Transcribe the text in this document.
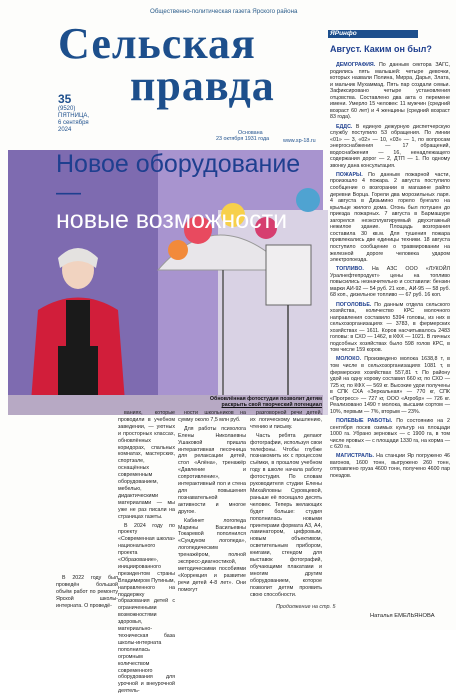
Общественно-политическая газета Ярского района
Сельская
правда
35
(9520)
ПЯТНИЦА,
6 сентября
2024	Основана
23 октября 1931 года	www.sp-18.ru
Новое оборудование —
новые возможности
Обновлённая фотостудия позволит детям
раскрыть свой творческий потенциал

В 2022 году был проведён большой объём работ по ремонту Ярской школы-интерната. О проведё-

ваниях, которые проводили в учебном заведении, — уютных и просторных классах, обновлённых коридорах, спальных комнатах, мастерских, спортзале, оснащённых современным оборудованием, мебелью, дидактическими материалами — мы уже не раз писали на страницах газеты.

В 2024 году по проекту «Современная школа» национального проекта «Образование», инициированного президентом страны Владимиром Путиным, направленного на поддержку образования детей с ограниченными возможностями здоровья, материально-техническая база школы-интерната пополнилась огромным количеством современного оборудования для урочной и внеурочной деятель-

ности школьников на сумму около 7,5 млн руб.

Для работы психолога Елены Николаевны Ушаковой пришла интерактивная песочница для релаксации детей, стол «Алёна», тренажёр «Давление и сопротивление», интерактивный пол и стена для повышения познавательной активности и многое другое.

Кабинет логопеда Марины Васильевны Токаревой пополнился «Сундуком логопеда», логопедическим тренажёром, полной экспресс-диагностикой, методическими пособиями «Коррекция и развитие речи детей 4-8 лет». Они помогут

разговорной речи детей, их логическому мышлению, чтению и письму.

Часть ребята делают фотографии, используя свои телефоны. Чтобы глубже познакомить их с процессом съёмки, в прошлом учебном году в школе начала работу фотостудия. По словам руководителя студии Елены Михайловны Суровцевой, раньше её посещало десять человек. Теперь желающих будет больше: студия пополнилась новыми принтерами формата А3, А4, ламинатором, цифровым, новым объективом, осветительным прибором, книгами, стендом для выставок фотографий, обучающими плакатами и многим другим оборудованием, которое позволит детям проявить свою способности.

Продолжение на стр. 5
ЯРинфо
Август. Каким он был?

ДЕМОГРАФИЯ. По данным сектора ЗАГС, родились пять малышей: четыре девочки, которых назвали Полина, Мирра, Дарья, Злата, и мальчик Мухаммад. Пять пар создали семьи. Зафиксировано четыре установления отцовства. Составлено два акта о перемене имени. Умерло 15 человек: 11 мужчин (средний возраст 60 лет) и 4 женщины (средний возраст 83 года).

ЕДДС. В единую дежурную диспетчерскую службу поступило 53 обращения. По линии «01» — 3, «02» — 10, «03» — 1, по вопросам энергоснабжения — 17 обращений, водоснабжения — 16, ненадлежащего содержания дорог — 2, ДТП — 1. По одному звонку дана консультация.

ПОЖАРЫ. По данным пожарной части, произошло 4 пожара. 2 августа поступило сообщение о возгорании в магазине райпо деревни Ворца. Горели два морозильных ларя. 4 августа в Дизьмино горело бунгало на крыльце жилого дома. Огонь был потушен до приезда пожарных. 7 августа в Бармашуре загорелся неэксплуатируемый двухэтажный нежилое здание. Площадь возгорания составила 30 кв.м. Для тушения пожара привлекались две единицы техники. 18 августа поступило сообщение о травмировании на железной дороге человека ударом электропоезда.

ТОПЛИВО. На АЗС ООО «ЛУКОЙЛ Уралнефтепродукт» цены на топливо повысились незначительно и составили: бензин марки АИ-92 — 54 руб. 21 коп., АИ-95 — 58 руб. 68 коп., дизельное топливо — 67 руб. 16 коп.

ПОГОЛОВЬЕ. По данным отдела сельского хозяйства, количество КРС молочного направления составило 5394 головы, из них в сельхозорганизациях — 3783, в фермерских хозяйствах — 1611. Коров насчитывалось 2483 головы: в СХО — 1462, в КФХ — 1021. В личных подсобных хозяйствах было 598 голов КРС, в том числе 159 коров.

МОЛОКО. Произведено молока 1638,8 т, в том числе в сельхозорганизациях 1081 т, в фермерских хозяйствах 557,81 т. По району удой на одну корову составил 660 кг, по СХО — 725 кг, по КФХ — 569 кг. Высокие удои получены в СПК СХА «Зеркальная» — 770 кг, СПК «Прогресс» — 727 кг, ООО «Агро6р» — 726 кг. Реализовано 1490 т молока, высшим сортом — 10%, первым — 7%, вторым — 23%.

ПОЛЕВЫЕ РАБОТЫ. По состоянию на 2 сентября посев озимых культур на площади 1000 га. Убрано зерновых — с 1900 га, в том числе яровых — с площади 1330 га, на корма — с 620 га.

МАГИСТРАЛЬ. На станции Яр погружено 46 вагонов, 1600 тонн, выгружено 260 тонн, отправлено груза 4600 тонн, получено 4600 пар поездов.

Наталья ЕМЕЛЬЯНОВА
